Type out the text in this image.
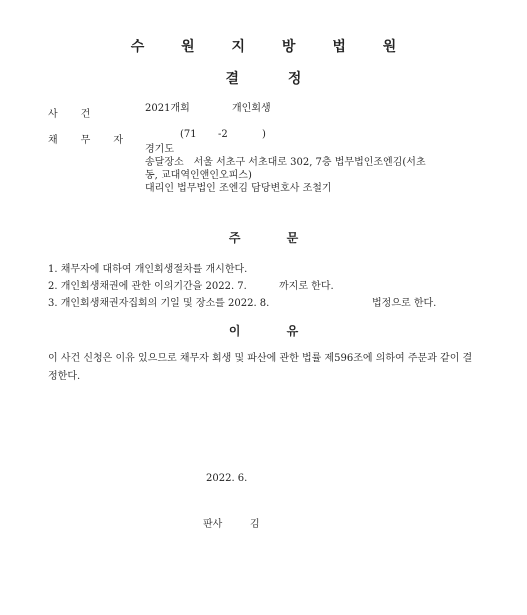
수 원 지 방 법 원
결 정
사건
2021개회	개인회생
채무자
(71 -2	)
경기도
송달장소　서울 서초구 서초대로 302, 7층 법무법인조엔김(서초
동, 교대역인앤인오피스)
대리인 법무법인 조엔김 담당변호사 조철기
주 문
1. 채무자에 대하여 개인회생절차를 개시한다.
2. 개인회생채권에 관한 이의기간을 2022. 7.	까지로 한다.
3. 개인회생채권자집회의 기일 및 장소를 2022. 8.	법정으로 한다.
이 유
이 사건 신청은 이유 있으므로 채무자 회생 및 파산에 관한 법률 제596조에 의하여 주문과 같이 결정한다.
2022. 6.
판사	김
